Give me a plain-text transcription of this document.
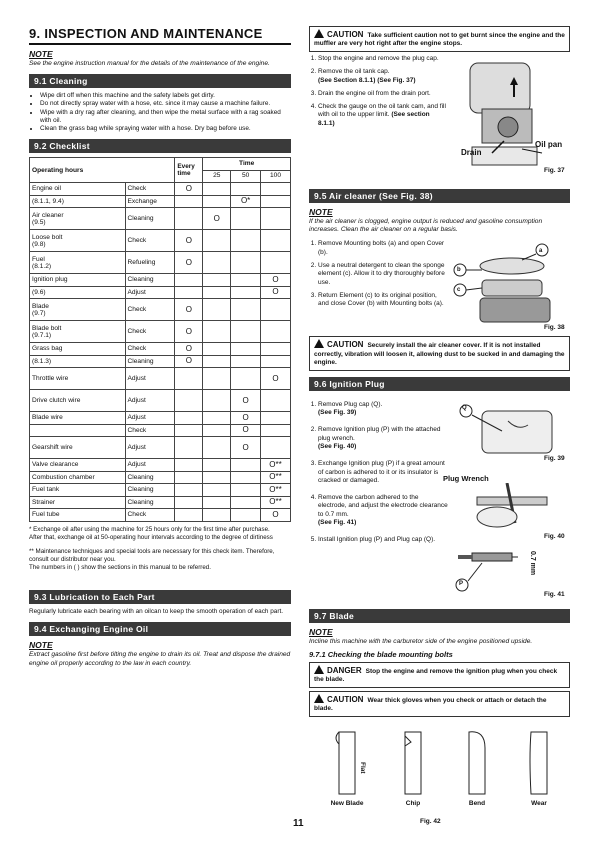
9. INSPECTION AND MAINTENANCE
NOTE

See the engine instruction manual for the details of the maintenance of the engine.

9.1 Cleaning
• Wipe dirt off when this machine and the safety labels get dirty.
• Do not directly spray water with a hose, etc. since it may cause a machine failure.
• Wipe with a dry rag after cleaning, and then wipe the metal surface with a rag soaked with oil.
• Clean the grass bag while spraying water with a hose. Dry bag before use.
9.2 Checklist
Operating hours		Every time	Time		
			25	50	100
Engine oil	Check	O			
(8.1.1, 9.4)	Exchange			O*	

Air cleaner
(9.5)	Cleaning		O		

Loose bolt
(9.8)	Check	O			

Fuel
(8.1.2)	Refueling	O			
Ignition plug	Cleaning				O
(9.6)	Adjust				O

Blade
(9.7)	Check	O			

Blade bolt
(9.7.1)	Check	O			
Grass bag	Check	O			
(8.1.3)	Cleaning	O			

Throttle wire	Adjust				O

Drive clutch wire	Adjust			O	
Blade wire	Adjust			O	
	Check			O	

Gearshift wire	Adjust			O	
Valve clearance	Adjust				O**
Combustion chamber	Cleaning				O**
Fuel tank	Cleaning				O**
Strainer	Cleaning				O**
Fuel tube	Check				O

* Exchange oil after using the machine for 25 hours only for the first time after purchase.

After that, exchange oil at 50-operating hour intervals according to the degree of dirtiness

** Maintenance techniques and special tools are necessary for this check item. Therefore, consult our distributor near you.

The numbers in ( ) show the sections in this manual to be referred.

9.3 Lubrication to Each Part

Regularly lubricate each bearing with an oilcan to keep the smooth operation of each part.

9.4 Exchanging Engine Oil
NOTE

Extract gasoline first before tilting the engine to drain its oil. Treat and dispose the drained engine oil properly according to the law in each country.

CAUTION Take sufficient caution not to get burnt since the engine and the muffler are very hot right after the engine stops.
1. Stop the engine and remove the plug cap.
2. Remove the oil tank cap.
(See Section 8.1.1) (See Fig. 37)
3. Drain the engine oil from the drain port.
4. Check the gauge on the oil tank cam, and fill with oil to the upper limit. (See section 8.1.1)
Drain
Oil pan
Fig. 37
9.5 Air cleaner (See Fig. 38)
NOTE

If the air cleaner is clogged, engine output is reduced and gasoline consumption increases. Clean the air cleaner on a regular basis.

1. Remove Mounting bolts (a) and open Cover (b).
2. Use a neutral detergent to clean the sponge element (c). Allow it to dry thoroughly before use.
3. Return Element (c) to its original position, and close Cover (b) with Mounting bolts (a).
a
b
c
Fig. 38
CAUTION Securely install the air cleaner cover. If it is not installed correctly, vibration will loosen it, allowing dust to be sucked in and damaging the engine.
9.6 Ignition Plug
1. Remove Plug cap (Q).
(See Fig. 39)
2. Remove Ignition plug (P) with the attached plug wrench.
(See Fig. 40)
3. Exchange Ignition plug (P) if a great amount of carbon is adhered to it or its insulator is cracked or damaged.
4. Remove the carbon adhered to the electrode, and adjust the electrode clearance to 0.7 mm.
(See Fig. 41)
5. Install Ignition plug (P) and Plug cap (Q).
Q
Fig. 39
Plug Wrench
Fig. 40
P
0.7 mm
Fig. 41
9.7 Blade
NOTE

Incline this machine with the carburetor side of the engine positioned upside.

9.7.1 Checking the blade mounting bolts
DANGER Stop the engine and remove the ignition plug when you check the blade.
CAUTION Wear thick gloves when you check or attach or detach the blade.
Flat
New Blade	Chip	Bend	Wear
Fig. 42
11
